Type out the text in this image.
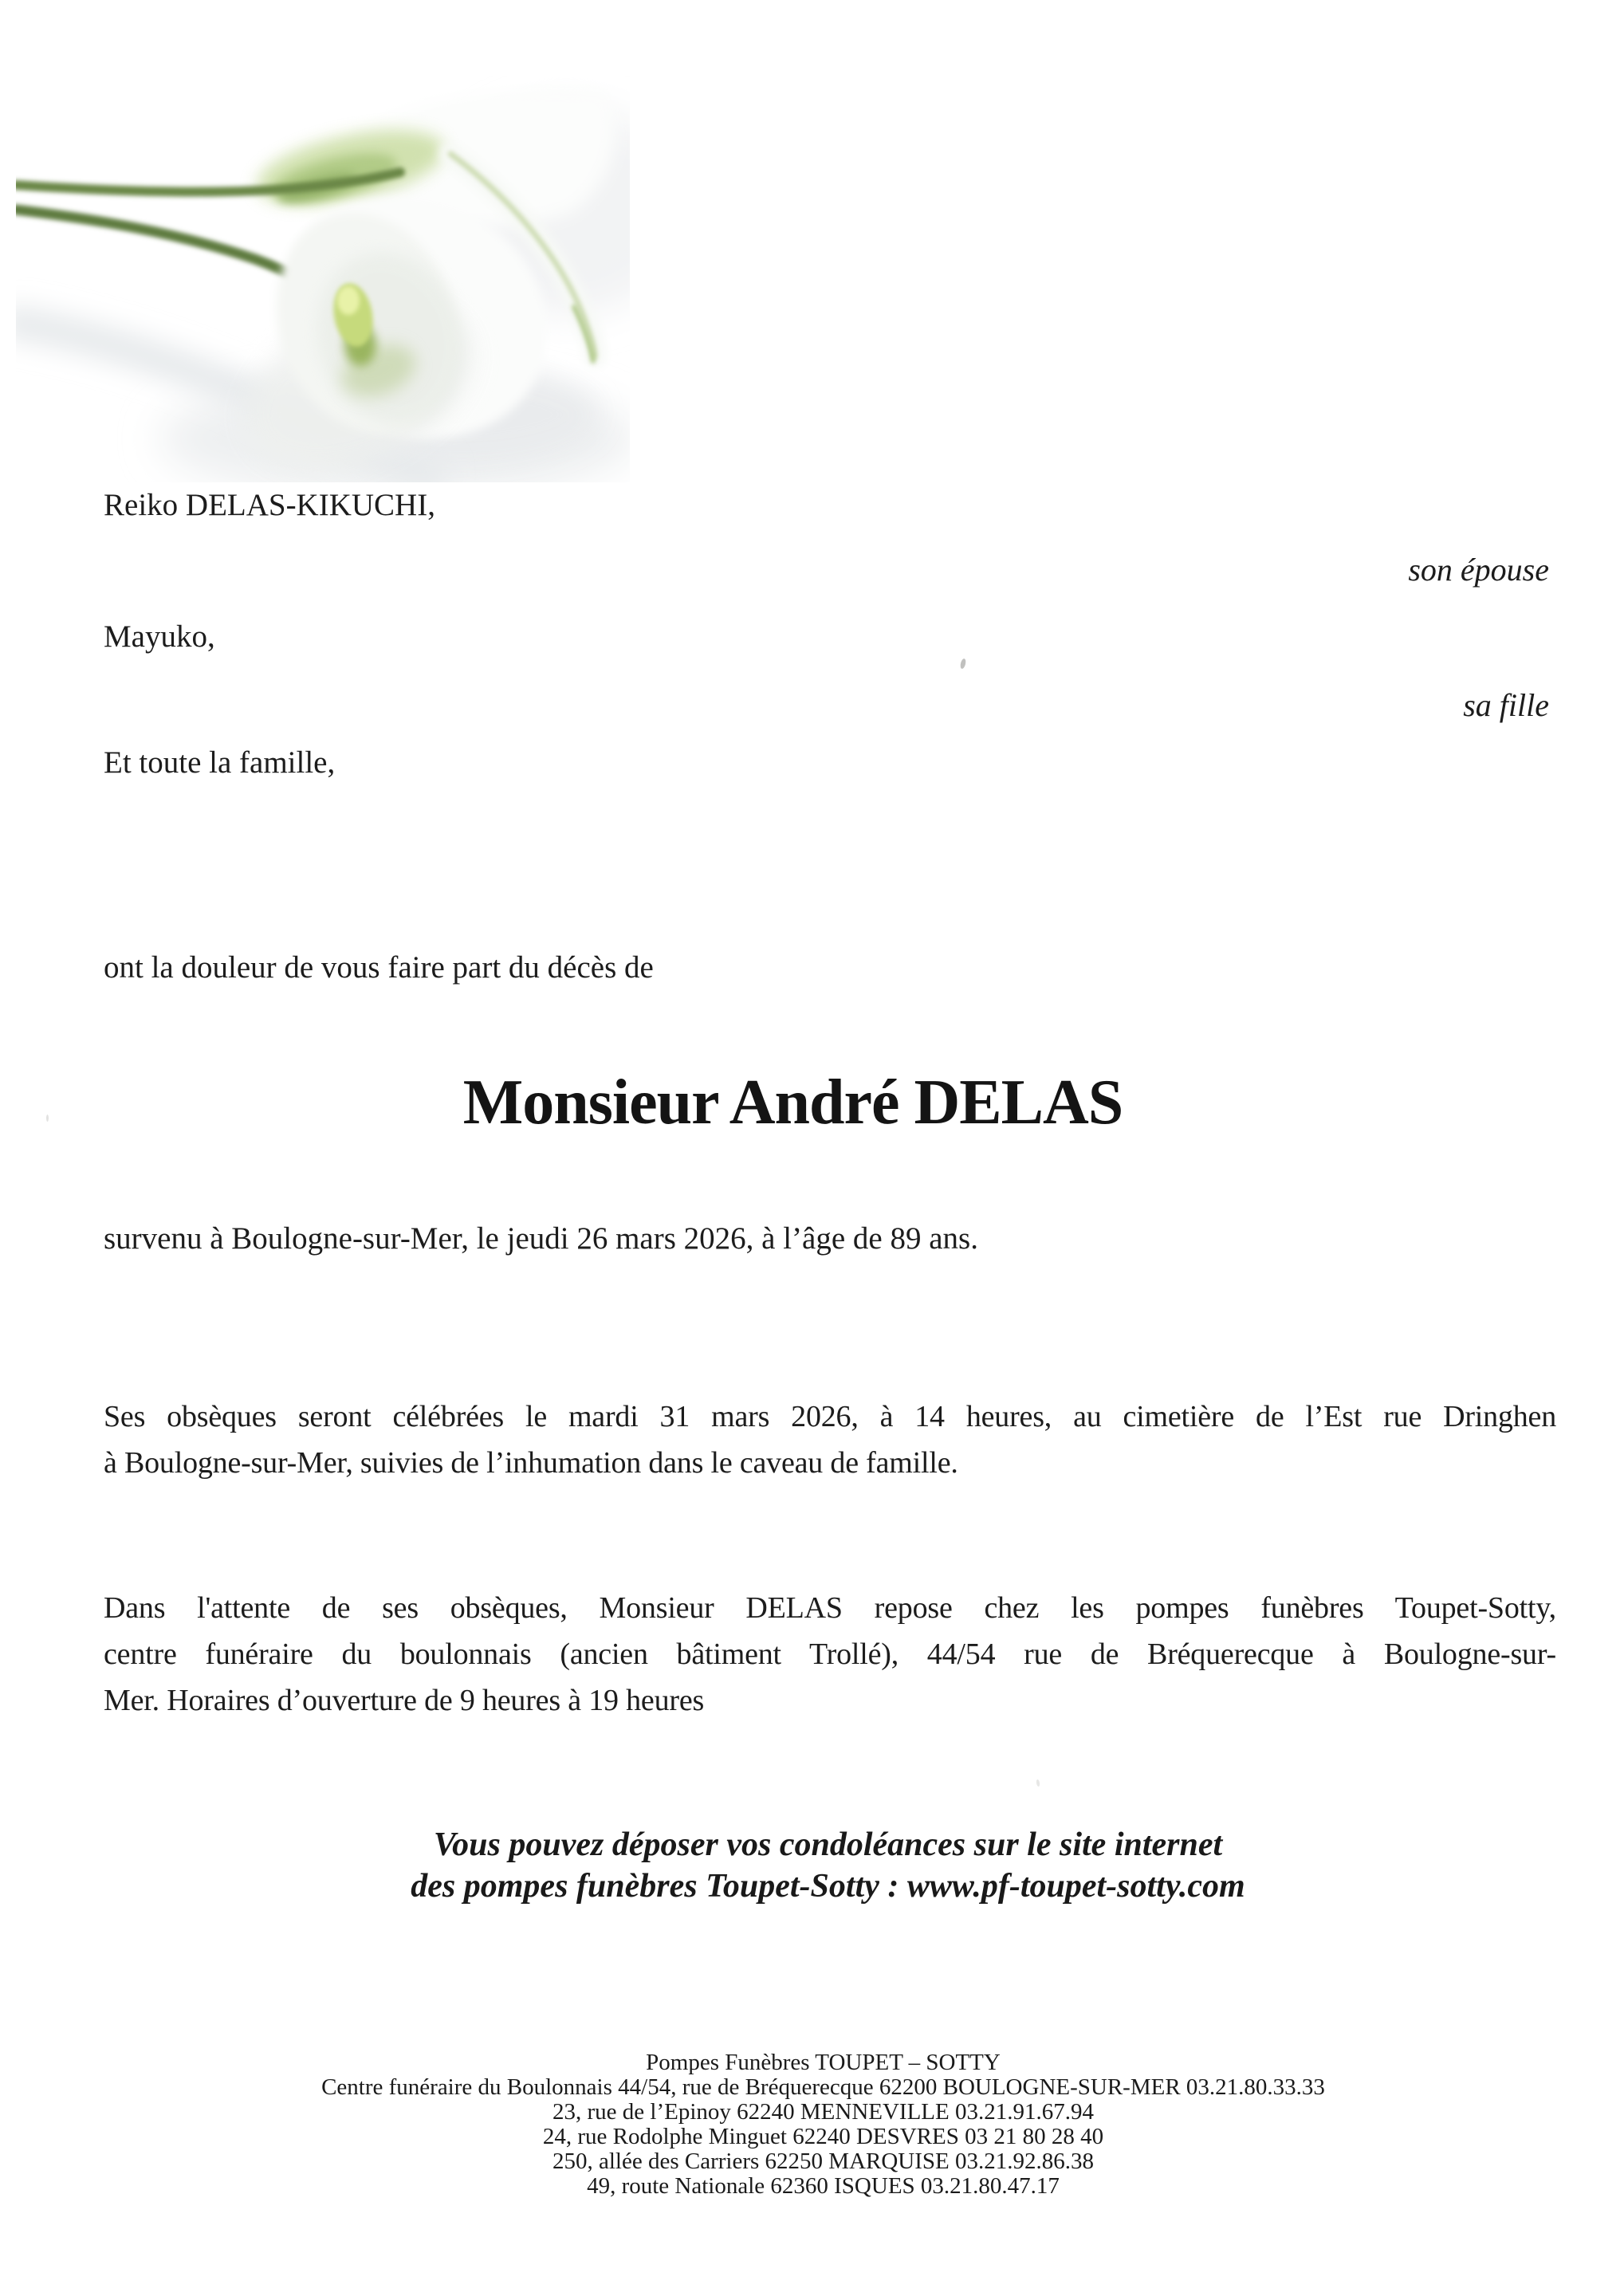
Reiko DELAS-KIKUCHI,
son épouse
Mayuko,
sa fille
Et toute la famille,
ont la douleur de vous faire part du décès de
Monsieur André DELAS
survenu à Boulogne-sur-Mer, le jeudi 26 mars 2026, à l’âge de 89 ans.
Ses obsèques seront célébrées le mardi 31 mars 2026, à 14 heures, au cimetière de l’Est rue Dringhen
à Boulogne-sur-Mer, suivies de l’inhumation dans le caveau de famille.
Dans l'attente de ses obsèques, Monsieur DELAS repose chez les pompes funèbres Toupet-Sotty,
centre funéraire du boulonnais (ancien bâtiment Trollé), 44/54 rue de Bréquerecque à Boulogne-sur-
Mer. Horaires d’ouverture de 9 heures à 19 heures
Vous pouvez déposer vos condoléances sur le site internet
des pompes funèbres Toupet-Sotty : www.pf-toupet-sotty.com
Pompes Funèbres TOUPET – SOTTY
Centre funéraire du Boulonnais 44/54, rue de Bréquerecque 62200 BOULOGNE-SUR-MER 03.21.80.33.33
23, rue de l’Epinoy 62240 MENNEVILLE 03.21.91.67.94
24, rue Rodolphe Minguet 62240 DESVRES 03 21 80 28 40
250, allée des Carriers 62250 MARQUISE 03.21.92.86.38
49, route Nationale 62360 ISQUES 03.21.80.47.17
